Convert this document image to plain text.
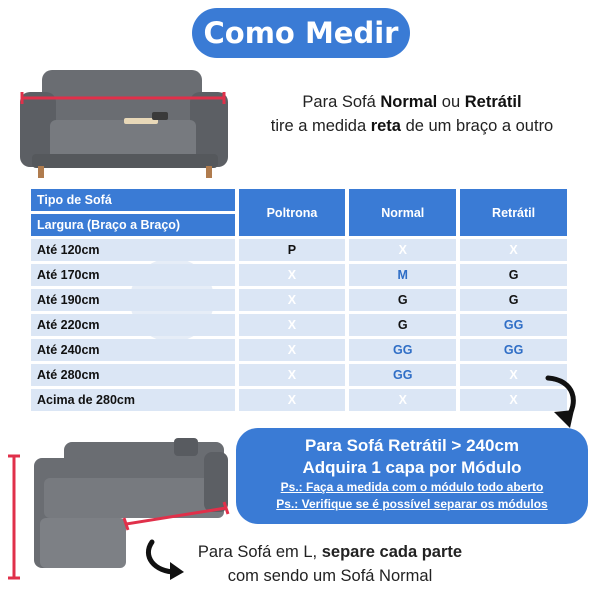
Como Medir
Para Sofá Normal ou Retrátil
tire a medida reta de um braço a outro
Tipo de Sofá	Poltrona	Normal	Retrátil
Largura (Braço a Braço)			
Até 120cm	P	X	X
Até 170cm	X	M	G
Até 190cm	X	G	G
Até 220cm	X	G	GG
Até 240cm	X	GG	GG
Até 280cm	X	GG	X
Acima de 280cm	X	X	X
Para Sofá Retrátil > 240cm
Adquira 1 capa por Módulo
Ps.: Faça a medida com o módulo todo aberto
Ps.: Verifique se é possível separar os módulos
Para Sofá em L, separe cada parte
com sendo um Sofá Normal
